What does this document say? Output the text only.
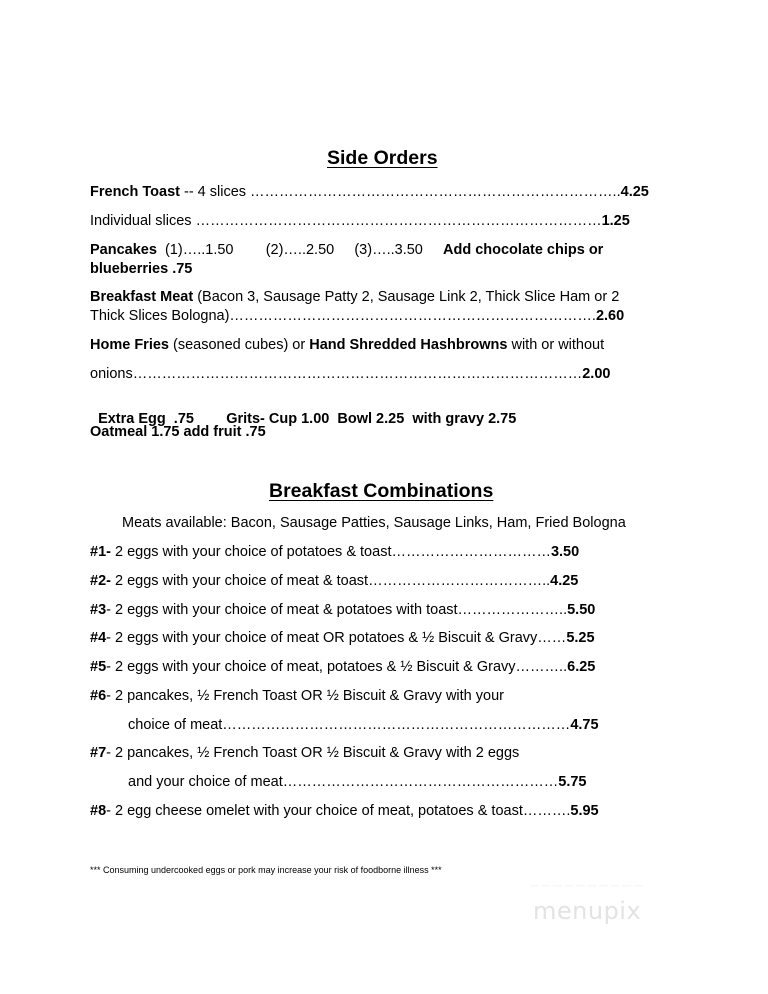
Side Orders
French Toast -- 4 slices …………………………………………………………………..4.25
Individual slices …………………………………………………………………………1.25
Pancakes  (1)…..1.50        (2)…..2.50     (3)…..3.50     Add chocolate chips or blueberries .75
Breakfast Meat (Bacon 3, Sausage Patty 2, Sausage Link 2, Thick Slice Ham or 2
Thick Slices Bologna)………………………………………………………………….2.60
Home Fries (seasoned cubes) or Hand Shredded Hashbrowns with or without
onions…………………………………………………………………………………2.00

Extra Egg  .75        Grits- Cup 1.00  Bowl 2.25  with gravy 2.75

Oatmeal 1.75 add fruit .75
Breakfast Combinations
Meats available: Bacon, Sausage Patties, Sausage Links, Ham, Fried Bologna
#1- 2 eggs with your choice of potatoes & toast……………………………3.50
#2- 2 eggs with your choice of meat & toast………………………………..4.25
#3- 2 eggs with your choice of meat & potatoes with toast…………………..5.50
#4- 2 eggs with your choice of meat OR potatoes & ½ Biscuit & Gravy……5.25
#5- 2 eggs with your choice of meat, potatoes & ½ Biscuit & Gravy………..6.25
#6- 2 pancakes, ½ French Toast OR ½ Biscuit & Gravy with your
choice of meat………………………………………………………………4.75
#7- 2 pancakes, ½ French Toast OR ½ Biscuit & Gravy with 2 eggs
and your choice of meat…………………………………………………5.75
#8- 2 egg cheese omelet with your choice of meat, potatoes & toast……….5.95
*** Consuming undercooked eggs or pork may increase your risk of foodborne illness ***
— — — — — — — — — —
menupix
